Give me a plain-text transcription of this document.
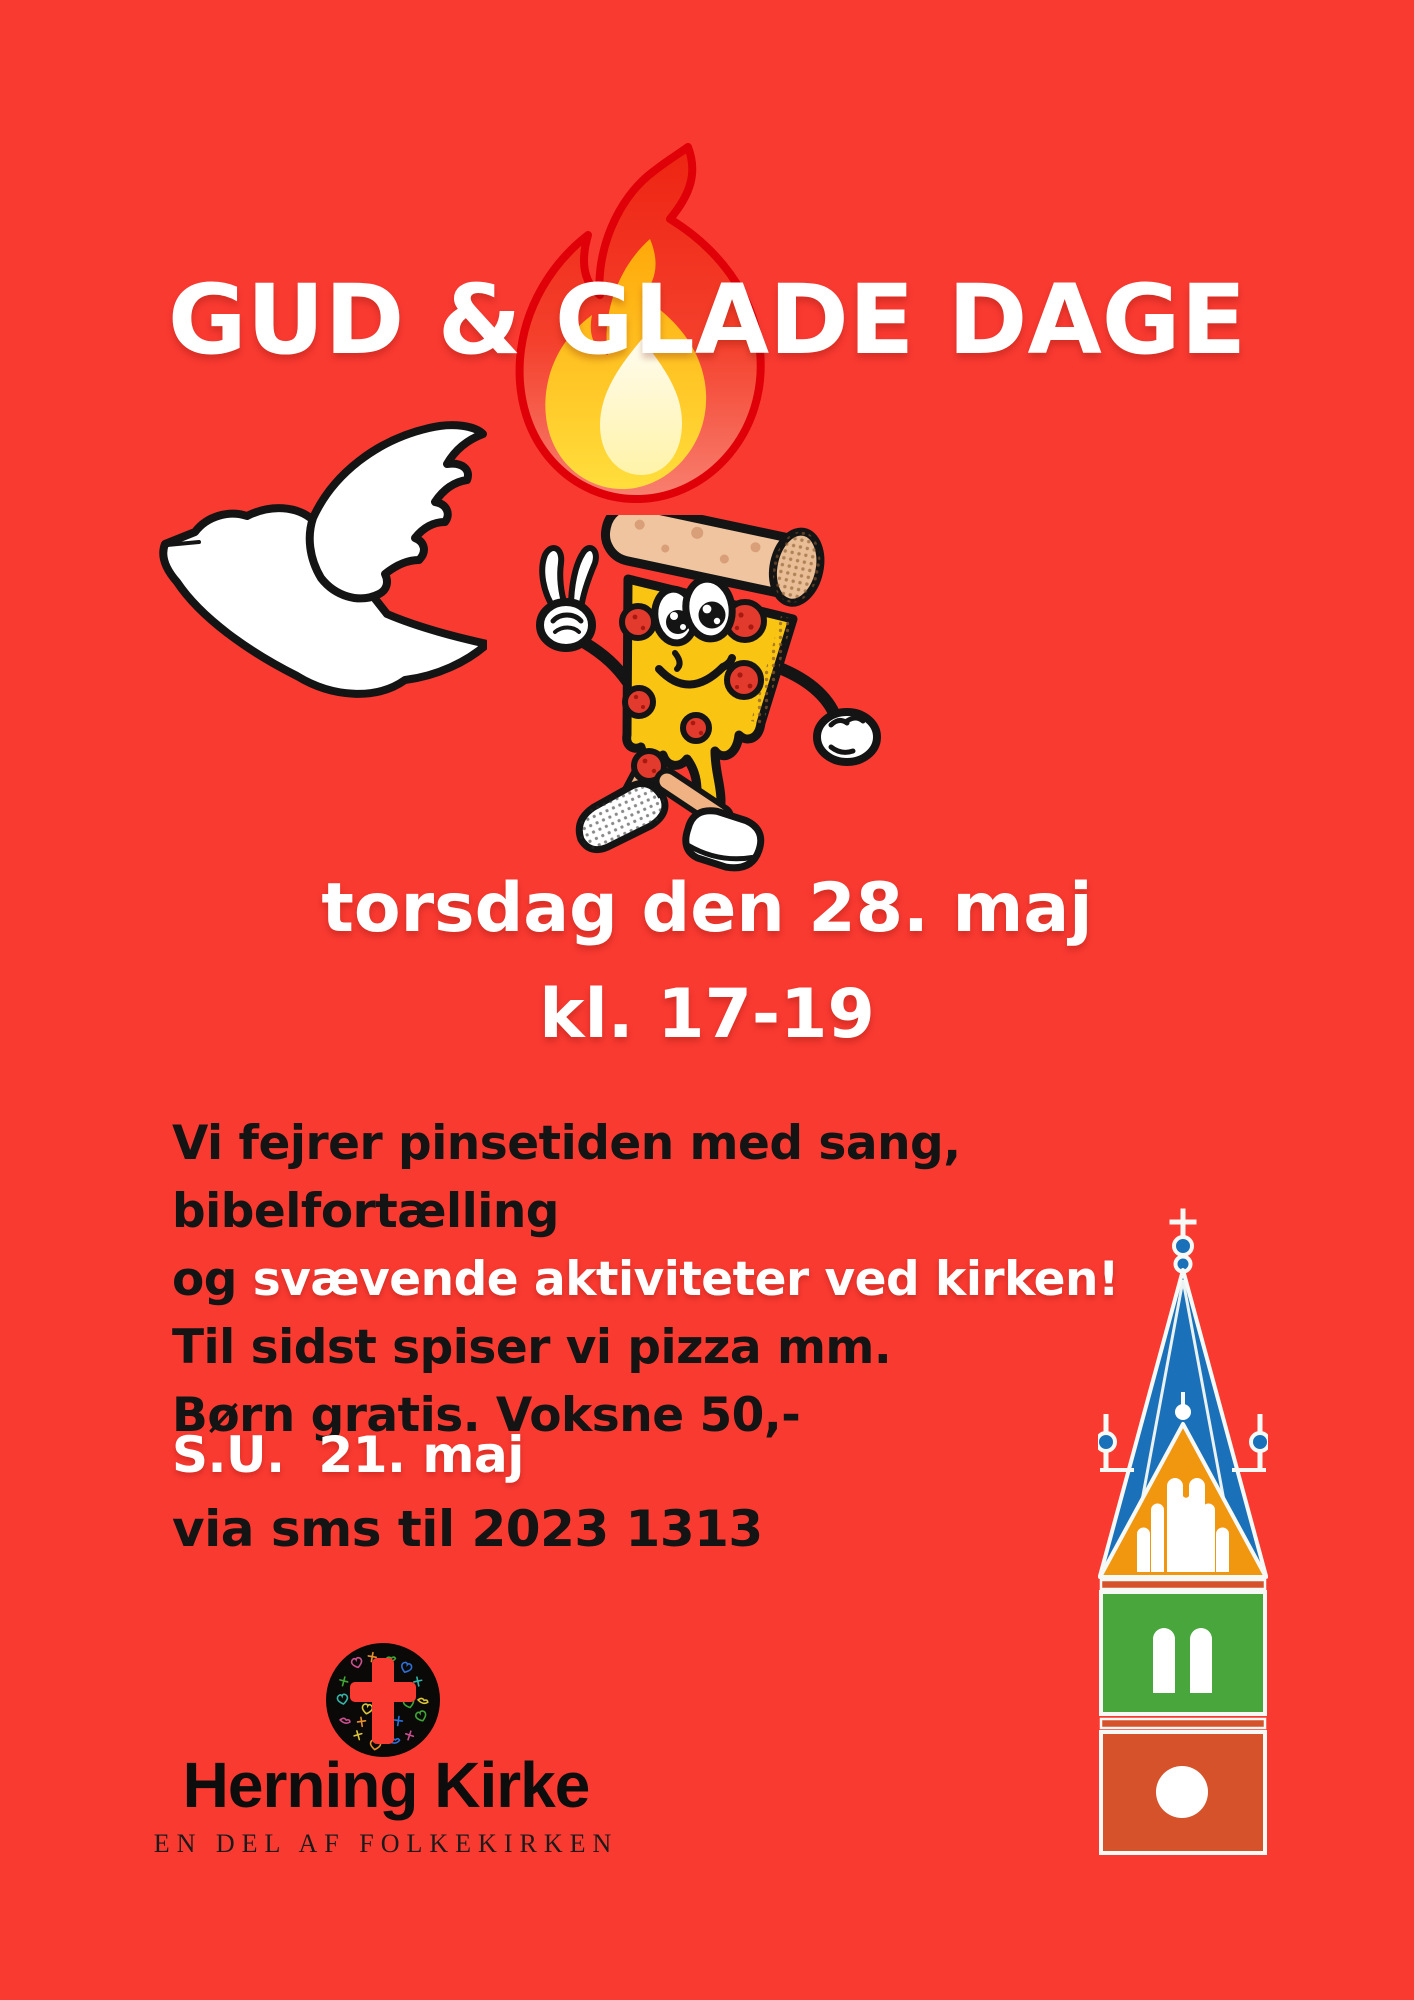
GUD & GLADE DAGE
torsdag den 28. maj
kl. 17-19
Vi fejrer pinsetiden med sang, bibelfortælling
og svævende aktiviteter ved kirken!
Til sidst spiser vi pizza mm.
Børn gratis. Voksne 50,-
S.U.  21. maj
via sms til 2023 1313
Herning Kirke
EN DEL AF FOLKEKIRKEN
